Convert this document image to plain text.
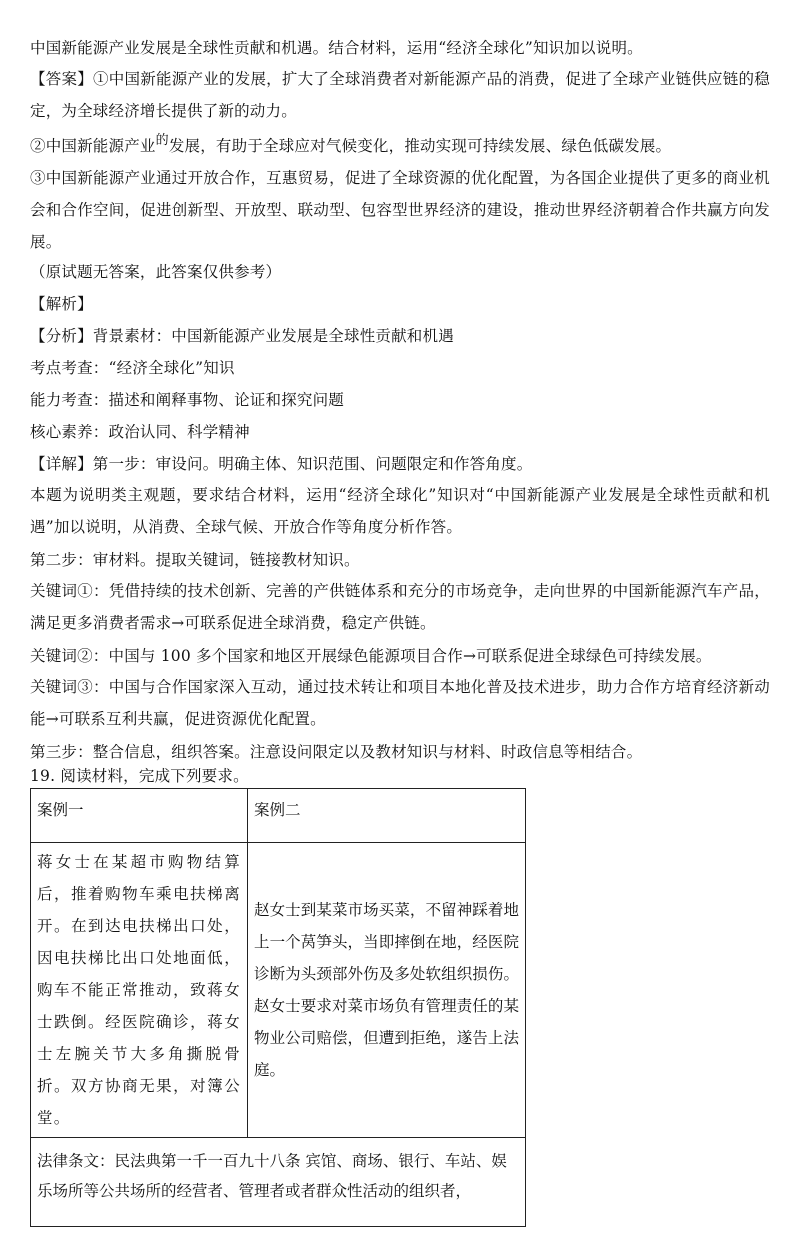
中国新能源产业发展是全球性贡献和机遇。结合材料，运用“经济全球化”知识加以说明。
【答案】①中国新能源产业的发展，扩大了全球消费者对新能源产品的消费，促进了全球产业链供应链的稳定，为全球经济增长提供了新的动力。
②中国新能源产业$^的$发展，有助于全球应对气候变化，推动实现可持续发展、绿色低碳发展。
③中国新能源产业通过开放合作，互惠贸易，促进了全球资源的优化配置，为各国企业提供了更多的商业机会和合作空间，促进创新型、开放型、联动型、包容型世界经济的建设，推动世界经济朝着合作共赢方向发展。
（原试题无答案，此答案仅供参考）
【解析】
【分析】背景素材：中国新能源产业发展是全球性贡献和机遇
考点考查：“经济全球化”知识
能力考查：描述和阐释事物、论证和探究问题
核心素养：政治认同、科学精神
【详解】第一步：审设问。明确主体、知识范围、问题限定和作答角度。
本题为说明类主观题，要求结合材料，运用“经济全球化”知识对“中国新能源产业发展是全球性贡献和机遇”加以说明，从消费、全球气候、开放合作等角度分析作答。
第二步：审材料。提取关键词，链接教材知识。
关键词①：凭借持续的技术创新、完善的产供链体系和充分的市场竞争，走向世界的中国新能源汽车产品，满足更多消费者需求→可联系促进全球消费，稳定产供链。
关键词②：中国与 100 多个国家和地区开展绿色能源项目合作→可联系促进全球绿色可持续发展。
关键词③：中国与合作国家深入互动，通过技术转让和项目本地化普及技术进步，助力合作方培育经济新动能→可联系互利共赢，促进资源优化配置。
第三步：整合信息，组织答案。注意设问限定以及教材知识与材料、时政信息等相结合。
19. 阅读材料，完成下列要求。
案例一	案例二

蒋女士在某超市购物结算后，推着购物车乘电扶梯离开。在到达电扶梯出口处，因电扶梯比出口处地面低，购车不能正常推动，致蒋女士跌倒。经医院确诊，蒋女士左腕关节大多角撕脱骨折。双方协商无果，对簿公堂。	赵女士到某菜市场买菜，不留神踩着地上一个莴笋头，当即摔倒在地，经医院诊断为头颈部外伤及多处软组织损伤。赵女士要求对菜市场负有管理责任的某物业公司赔偿，但遭到拒绝，遂告上法庭。

法律条文：民法典第一千一百九十八条 宾馆、商场、银行、车站、娱乐场所等公共场所的经营者、管理者或者群众性活动的组织者，	
